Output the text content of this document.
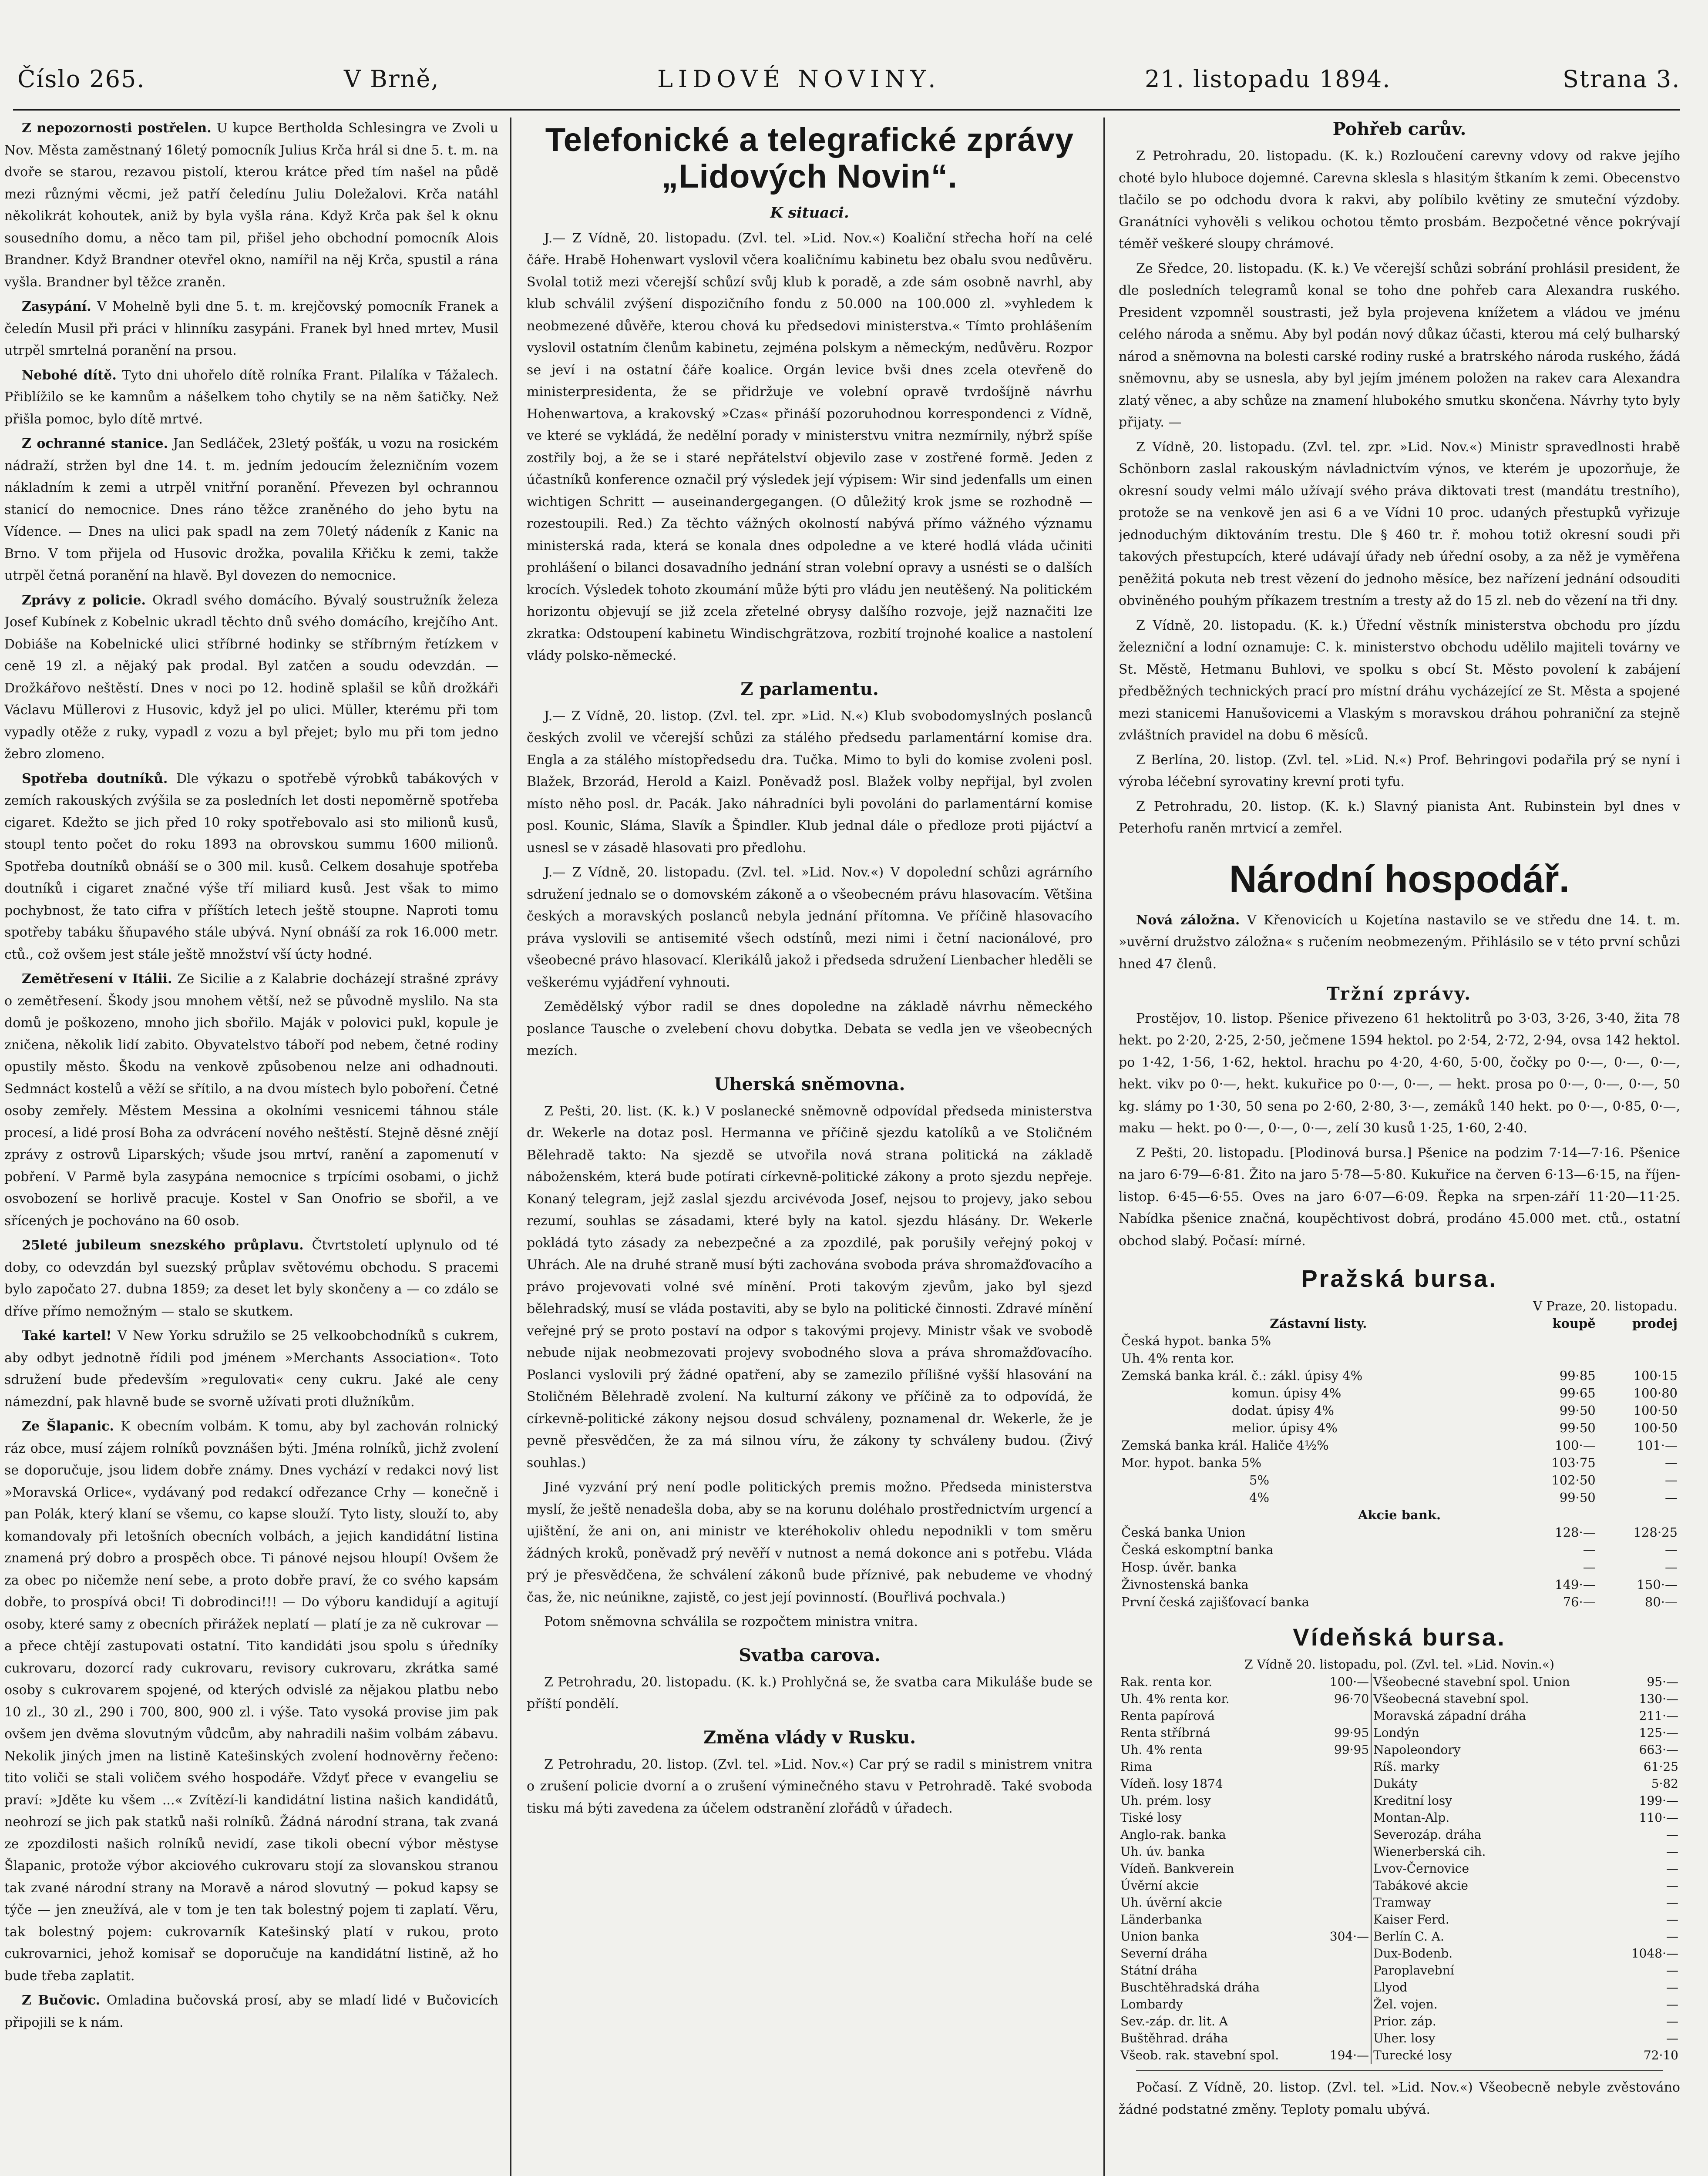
Číslo 265.	V Brně,	LIDOVÉ NOVINY.	21. listopadu 1894.	Strana 3.

Z nepozornosti postřelen. U kupce Bertholda Schlesingra ve Zvoli u Nov. Města zaměstnaný 16letý pomocník Julius Krča hrál si dne 5. t. m. na dvoře se starou, rezavou pistolí, kterou krátce před tím našel na půdě mezi různými věcmi, jež patří čeledínu Juliu Doležalovi. Krča natáhl několikrát kohoutek, aniž by byla vyšla rána. Když Krča pak šel k oknu sousedního domu, a něco tam pil, přišel jeho obchodní pomocník Alois Brandner. Když Brandner otevřel okno, namířil na něj Krča, spustil a rána vyšla. Brandner byl těžce zraněn.

Zasypání. V Mohelně byli dne 5. t. m. krejčovský pomocník Franek a čeledín Musil při práci v hlinníku zasypáni. Franek byl hned mrtev, Musil utrpěl smrtelná poranění na prsou.

Nebohé dítě. Tyto dni uhořelo dítě rolníka Frant. Pilalíka v Tážalech. Přiblížilo se ke kamnům a nášelkem toho chytily se na něm šatičky. Než přišla pomoc, bylo dítě mrtvé.

Z ochranné stanice. Jan Sedláček, 23letý pošťák, u vozu na rosickém nádraží, stržen byl dne 14. t. m. jedním jedoucím železničním vozem nákladním k zemi a utrpěl vnitřní poranění. Převezen byl ochrannou stanicí do nemocnice. Dnes ráno těžce zraněného do jeho bytu na Vídence. — Dnes na ulici pak spadl na zem 70letý nádeník z Kanic na Brno. V tom přijela od Husovic drožka, povalila Křičku k zemi, takže utrpěl četná poranění na hlavě. Byl dovezen do nemocnice.

Zprávy z policie. Okradl svého domácího. Bývalý soustružník železa Josef Kubínek z Kobelnic ukradl těchto dnů svého domácího, krejčího Ant. Dobiáše na Kobelnické ulici stříbrné hodinky se stříbrným řetízkem v ceně 19 zl. a nějaký pak prodal. Byl zatčen a soudu odevzdán. — Drožkářovo neštěstí. Dnes v noci po 12. hodině splašil se kůň drožkáři Václavu Müllerovi z Husovic, když jel po ulici. Müller, kterému při tom vypadly otěže z ruky, vypadl z vozu a byl přejet; bylo mu při tom jedno žebro zlomeno.

Spotřeba doutníků. Dle výkazu o spotřebě výrobků tabákových v zemích rakouských zvýšila se za posledních let dosti nepoměrně spotřeba cigaret. Kdežto se jich před 10 roky spotřebovalo asi sto milionů kusů, stoupl tento počet do roku 1893 na obrovskou summu 1600 milionů. Spotřeba doutníků obnáší se o 300 mil. kusů. Celkem dosahuje spotřeba doutníků i cigaret značné výše tří miliard kusů. Jest však to mimo pochybnost, že tato cifra v příštích letech ještě stoupne. Naproti tomu spotřeby tabáku šňupavého stále ubývá. Nyní obnáší za rok 16.000 metr. ctů., což ovšem jest stále ještě množství vší úcty hodné.

Zemětřesení v Itálii. Ze Sicilie a z Kalabrie docházejí strašné zprávy o zemětřesení. Škody jsou mnohem větší, než se původně myslilo. Na sta domů je poškozeno, mnoho jich sbořilo. Maják v polovici pukl, kopule je zničena, několik lidí zabito. Obyvatelstvo táboří pod nebem, četné rodiny opustily město. Škodu na venkově způsobenou nelze ani odhadnouti. Sedmnáct kostelů a věží se sřítilo, a na dvou místech bylo poboření. Četné osoby zemřely. Městem Messina a okolními vesnicemi táhnou stále procesí, a lidé prosí Boha za odvrácení nového neštěstí. Stejně děsné znějí zprávy z ostrovů Liparských; všude jsou mrtví, ranění a zapomenutí v pobření. V Parmě byla zasypána nemocnice s trpícími osobami, o jichž osvobození se horlivě pracuje. Kostel v San Onofrio se sbořil, a ve sřícených je pochováno na 60 osob.

25leté jubileum snezského průplavu. Čtvrtstoletí uplynulo od té doby, co odevzdán byl suezský průplav světovému obchodu. S pracemi bylo započato 27. dubna 1859; za deset let byly skončeny a — co zdálo se dříve přímo nemožným — stalo se skutkem.

Také kartel! V New Yorku sdružilo se 25 velkoobchodníků s cukrem, aby odbyt jednotně řídili pod jménem »Merchants Association«. Toto sdružení bude především »regulovati« ceny cukru. Jaké ale ceny námezdní, pak hlavně bude se svorně užívati proti dlužníkům.

Ze Šlapanic. K obecním volbám. K tomu, aby byl zachován rolnický ráz obce, musí zájem rolníků povznášen býti. Jména rolníků, jichž zvolení se doporučuje, jsou lidem dobře známy. Dnes vychází v redakci nový list »Moravská Orlice«, vydávaný pod redakcí odřezance Crhy — konečně i pan Polák, který klaní se všemu, co kapse slouží. Tyto listy, slouží to, aby komandovaly při letošních obecních volbách, a jejich kandidátní listina znamená prý dobro a prospěch obce. Ti pánové nejsou hloupí! Ovšem že za obec po ničemže není sebe, a proto dobře praví, že co svého kapsám dobře, to prospívá obci! Ti dobrodinci!!! — Do výboru kandidují a agitují osoby, které samy z obecních přirážek neplatí — platí je za ně cukrovar — a přece chtějí zastupovati ostatní. Tito kandidáti jsou spolu s úředníky cukrovaru, dozorcí rady cukrovaru, revisory cukrovaru, zkrátka samé osoby s cukrovarem spojené, od kterých odvislé za nějakou platbu nebo 10 zl., 30 zl., 290 i 700, 800, 900 zl. i výše. Tato vysoká provise jim pak ovšem jen dvěma slovutným vůdcům, aby nahradili našim volbám zábavu. Nekolik jiných jmen na listině Katešinských zvolení hodnověrny řečeno: tito voliči se stali voličem svého hospodáře. Vždyť přece v evangeliu se praví: »Jděte ku všem ...« Zvítězí-li kandidátní listina našich kandidátů, neohrozí se jich pak statků naši rolníků. Žádná národní strana, tak zvaná ze zpozdilosti našich rolníků nevidí, zase tikoli obecní výbor městyse Šlapanic, protože výbor akciového cukrovaru stojí za slovanskou stranou tak zvané národní strany na Moravě a národ slovutný — pokud kapsy se týče — jen zneužívá, ale v tom je ten tak bolestný pojem ti zaplatí. Věru, tak bolestný pojem: cukrovarník Katešinský platí v rukou, proto cukrovarnici, jehož komisař se doporučuje na kandidátní listině, až ho bude třeba zaplatit.

Z Bučovic. Omladina bučovská prosí, aby se mladí lidé v Bučovicích připojili se k nám.

Telefonické a telegrafické zprávy „Lidových Novin“.
K situaci.

J.— Z Vídně, 20. listopadu. (Zvl. tel. »Lid. Nov.«) Koaliční střecha hoří na celé čáře. Hrabě Hohenwart vyslovil včera koaličnímu kabinetu bez obalu svou nedůvěru. Svolal totiž mezi včerejší schůzí svůj klub k poradě, a zde sám osobně navrhl, aby klub schválil zvýšení dispozičního fondu z 50.000 na 100.000 zl. »vyhledem k neobmezené důvěře, kterou chová ku předsedovi ministerstva.« Tímto prohlášením vyslovil ostatním členům kabinetu, zejména polskym a německým, nedůvěru. Rozpor se jeví i na ostatní čáře koalice. Orgán levice bvši dnes zcela otevřeně do ministerpresidenta, že se přidržuje ve volební opravě tvrdošíjně návrhu Hohenwartova, a krakovský »Czas« přináší pozoruhodnou korrespondenci z Vídně, ve které se vykládá, že nedělní porady v ministerstvu vnitra nezmírnily, nýbrž spíše zostřily boj, a že se i staré nepřátelství objevilo zase v zostřené formě. Jeden z účastníků konference označil prý výsledek její výpisem: Wir sind jedenfalls um einen wichtigen Schritt — auseinandergegangen. (O důležitý krok jsme se rozhodně — rozestoupili. Red.) Za těchto vážných okolností nabývá přímo vážného významu ministerská rada, která se konala dnes odpoledne a ve které hodlá vláda učiniti prohlášení o bilanci dosavadního jednání stran volební opravy a usnésti se o dalších krocích. Výsledek tohoto zkoumání může býti pro vládu jen neutěšený. Na politickém horizontu objevují se již zcela zřetelné obrysy dalšího rozvoje, jejž naznačiti lze zkratka: Odstoupení kabinetu Windischgrätzova, rozbití trojnohé koalice a nastolení vlády polsko-německé.

Z parlamentu.

J.— Z Vídně, 20. listop. (Zvl. tel. zpr. »Lid. N.«) Klub svobodomyslných poslanců českých zvolil ve včerejší schůzi za stálého předsedu parlamentární komise dra. Engla a za stálého místopředsedu dra. Tučka. Mimo to byli do komise zvoleni posl. Blažek, Brzorád, Herold a Kaizl. Poněvadž posl. Blažek volby nepřijal, byl zvolen místo něho posl. dr. Pacák. Jako náhradníci byli povoláni do parlamentární komise posl. Kounic, Sláma, Slavík a Špindler. Klub jednal dále o předloze proti pijáctví a usnesl se v zásadě hlasovati pro předlohu.

J.— Z Vídně, 20. listopadu. (Zvl. tel. »Lid. Nov.«) V dopolední schůzi agrárního sdružení jednalo se o domovském zákoně a o všeobecném právu hlasovacím. Většina českých a moravských poslanců nebyla jednání přítomna. Ve příčině hlasovacího práva vyslovili se antisemité všech odstínů, mezi nimi i četní nacionálové, pro všeobecné právo hlasovací. Klerikálů jakož i předseda sdružení Lienbacher hleděli se veškerému vyjádření vyhnouti.

Zemědělský výbor radil se dnes dopoledne na základě návrhu německého poslance Tausche o zvelebení chovu dobytka. Debata se vedla jen ve všeobecných mezích.

Uherská sněmovna.

Z Pešti, 20. list. (K. k.) V poslanecké sněmovně odpovídal předseda ministerstva dr. Wekerle na dotaz posl. Hermanna ve příčině sjezdu katolíků a ve Stoličném Bělehradě takto: Na sjezdě se utvořila nová strana politická na základě náboženském, která bude potírati církevně-politické zákony a proto sjezdu nepřeje. Konaný telegram, jejž zaslal sjezdu arcivévoda Josef, nejsou to projevy, jako sebou rezumí, souhlas se zásadami, které byly na katol. sjezdu hlásány. Dr. Wekerle pokládá tyto zásady za nebezpečné a za zpozdilé, pak porušily veřejný pokoj v Uhrách. Ale na druhé straně musí býti zachována svoboda práva shromažďovacího a právo projevovati volné své mínění. Proti takovým zjevům, jako byl sjezd bělehradský, musí se vláda postaviti, aby se bylo na politické činnosti. Zdravé mínění veřejné prý se proto postaví na odpor s takovými projevy. Ministr však ve svobodě nebude nijak neobmezovati projevy svobodného slova a práva shromažďovacího. Poslanci vyslovili prý žádné opatření, aby se zamezilo přílišné vyšší hlasování na Stoličném Bělehradě zvolení. Na kulturní zákony ve příčině za to odpovídá, že církevně-politické zákony nejsou dosud schváleny, poznamenal dr. Wekerle, že je pevně přesvědčen, že za má silnou víru, že zákony ty schváleny budou. (Živý souhlas.)

Jiné vyzvání prý není podle politických premis možno. Předseda ministerstva myslí, že ještě nenadešla doba, aby se na korunu doléhalo prostřednictvím urgencí a ujištění, že ani on, ani ministr ve kteréhokoliv ohledu nepodnikli v tom směru žádných kroků, poněvadž prý nevěří v nutnost a nemá dokonce ani s potřebu. Vláda prý je přesvědčena, že schválení zákonů bude příznivé, pak nebudeme ve vhodný čas, že, nic neúnikne, zajistě, co jest její povinností. (Bouřlivá pochvala.)

Potom sněmovna schválila se rozpočtem ministra vnitra.

Svatba carova.

Z Petrohradu, 20. listopadu. (K. k.) Prohlyčná se, že svatba cara Mikuláše bude se příští pondělí.

Změna vlády v Rusku.

Z Petrohradu, 20. listop. (Zvl. tel. »Lid. Nov.«) Car prý se radil s ministrem vnitra o zrušení policie dvorní a o zrušení výminečného stavu v Petrohradě. Také svoboda tisku má býti zavedena za účelem odstranění zlořádů v úřadech.

Pohřeb carův.

Z Petrohradu, 20. listopadu. (K. k.) Rozloučení carevny vdovy od rakve jejího choté bylo hluboce dojemné. Carevna sklesla s hlasitým štkaním k zemi. Obecenstvo tlačilo se po odchodu dvora k rakvi, aby políbilo květiny ze smuteční výzdoby. Granátníci vyhověli s velikou ochotou těmto prosbám. Bezpočetné věnce pokrývají téměř veškeré sloupy chrámové.

Ze Sředce, 20. listopadu. (K. k.) Ve včerejší schůzi sobrání prohlásil president, že dle posledních telegramů konal se toho dne pohřeb cara Alexandra ruského. President vzpomněl soustrasti, jež byla projevena knížetem a vládou ve jménu celého národa a sněmu. Aby byl podán nový důkaz účasti, kterou má celý bulharský národ a sněmovna na bolesti carské rodiny ruské a bratrského národa ruského, žádá sněmovnu, aby se usnesla, aby byl jejím jménem položen na rakev cara Alexandra zlatý věnec, a aby schůze na znamení hlubokého smutku skončena. Návrhy tyto byly přijaty. —

Z Vídně, 20. listopadu. (Zvl. tel. zpr. »Lid. Nov.«) Ministr spravedlnosti hrabě Schönborn zaslal rakouským návladnictvím výnos, ve kterém je upozorňuje, že okresní soudy velmi málo užívají svého práva diktovati trest (mandátu trestního), protože se na venkově jen asi 6 a ve Vídni 10 proc. udaných přestupků vyřizuje jednoduchým diktováním trestu. Dle § 460 tr. ř. mohou totiž okresní soudi při takových přestupcích, které udávají úřady neb úřední osoby, a za něž je vyměřena peněžitá pokuta neb trest vězení do jednoho měsíce, bez nařízení jednání odsouditi obviněného pouhým příkazem trestním a tresty až do 15 zl. neb do vězení na tři dny.

Z Vídně, 20. listopadu. (K. k.) Úřední věstník ministerstva obchodu pro jízdu železniční a lodní oznamuje: C. k. ministerstvo obchodu udělilo majiteli továrny ve St. Městě, Hetmanu Buhlovi, ve spolku s obcí St. Město povolení k zabájení předběžných technických prací pro místní dráhu vycházející ze St. Města a spojené mezi stanicemi Hanušovicemi a Vlaským s moravskou dráhou pohraniční za stejně zvláštních pravidel na dobu 6 měsíců.

Z Berlína, 20. listop. (Zvl. tel. »Lid. N.«) Prof. Behringovi podařila prý se nyní i výroba léčební syrovatiny krevní proti tyfu.

Z Petrohradu, 20. listop. (K. k.) Slavný pianista Ant. Rubinstein byl dnes v Peterhofu raněn mrtvicí a zemřel.

Národní hospodář.

Nová záložna. V Křenovicích u Kojetína nastavilo se ve středu dne 14. t. m. »uvěrní družstvo záložna« s ručením neobmezeným. Přihlásilo se v této první schůzi hned 47 členů.

Tržní zprávy.

Prostějov, 10. listop. Pšenice přivezeno 61 hektolitrů po 3·03, 3·26, 3·40, žita 78 hekt. po 2·20, 2·25, 2·50, ječmene 1594 hektol. po 2·54, 2·72, 2·94, ovsa 142 hektol. po 1·42, 1·56, 1·62, hektol. hrachu po 4·20, 4·60, 5·00, čočky po 0·—, 0·—, 0·—, hekt. vikv po 0·—, hekt. kukuřice po 0·—, 0·—, — hekt. prosa po 0·—, 0·—, 0·—, 50 kg. slámy po 1·30, 50 sena po 2·60, 2·80, 3·—, zemáků 140 hekt. po 0·—, 0·85, 0·—, maku — hekt. po 0·—, 0·—, 0·—, zelí 30 kusů 1·25, 1·60, 2·40.

Z Pešti, 20. listopadu. [Plodinová bursa.] Pšenice na podzim 7·14—7·16. Pšenice na jaro 6·79—6·81. Žito na jaro 5·78—5·80. Kukuřice na červen 6·13—6·15, na říjen-listop. 6·45—6·55. Oves na jaro 6·07—6·09. Řepka na srpen-září 11·20—11·25. Nabídka pšenice značná, koupěchtivost dobrá, prodáno 45.000 met. ctů., ostatní obchod slabý. Počasí: mírné.

Pražská bursa.
V Praze, 20. listopadu.		
Zástavní listy.	koupě	prodej
Česká hypot. banka 5%		
Uh. 4% renta kor.		
Zemská banka král. č.: zákl. úpisy 4%	99·85	100·15
komun. úpisy 4%	99·65	100·80
dodat. úpisy 4%	99·50	100·50
melior. úpisy 4%	99·50	100·50
Zemská banka král. Haliče 4½%	100·—	101·—
Mor. hypot. banka 5%	103·75	—
5%	102·50	—
4%	99·50	—
Akcie bank.		
Česká banka Union	128·—	128·25
Česká eskomptní banka	—	—
Hosp. úvěr. banka	—	—
Živnostenská banka	149·—	150·—
První česká zajišťovací banka	76·—	80·—
Vídeňská bursa.
Z Vídně 20. listopadu, pol. (Zvl. tel. »Lid. Novin.«)
Rak. renta kor.	100·—	Všeobecné stavební spol. Union	95·—
Uh. 4% renta kor.	96·70	Všeobecná stavební spol.	130·—
Renta papírová		Moravská západní dráha	211·—
Renta stříbrná	99·95	Londýn	125·—
Uh. 4% renta	99·95	Napoleondory	663·—
Rima		Ríš. marky	61·25
Vídeň. losy 1874		Dukáty	5·82
Uh. prém. losy		Kreditní losy	199·—
Tiské losy		Montan-Alp.	110·—
Anglo-rak. banka		Severozáp. dráha	—
Uh. úv. banka		Wienerberská cih.	—
Vídeň. Bankverein		Lvov-Černovice	—
Úvěrní akcie		Tabákové akcie	—
Uh. úvěrní akcie		Tramway	—
Länderbanka		Kaiser Ferd.	—
Union banka	304·—	Berlín C. A.	—
Severní dráha		Dux-Bodenb.	1048·—
Státní dráha		Paroplavební	—
Buschtěhradská dráha		Llyod	—
Lombardy		Žel. vojen.	—
Sev.-záp. dr. lit. A		Prior. záp.	—
Buštěhrad. dráha		Uher. losy	—
Všeob. rak. stavební spol.	194·—	Turecké losy	72·10

Počasí. Z Vídně, 20. listop. (Zvl. tel. »Lid. Nov.«) Všeobecně nebyle zvěstováno žádné podstatné změny. Teploty pomalu ubývá.
